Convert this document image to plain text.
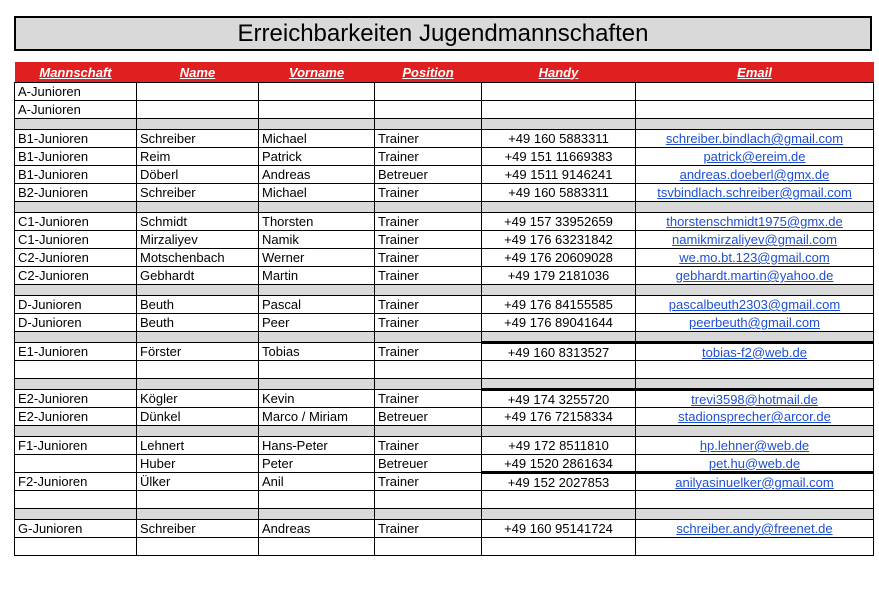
Erreichbarkeiten Jugendmannschaften
Mannschaft	Name	Vorname	Position	Handy	Email
A-Junioren					
A-Junioren					

B1-Junioren	Schreiber	Michael	Trainer	+49 160 5883311	schreiber.bindlach@gmail.com
B1-Junioren	Reim	Patrick	Trainer	+49 151 11669383	patrick@ereim.de
B1-Junioren	Döberl	Andreas	Betreuer	+49 1511 9146241	andreas.doeberl@gmx.de
B2-Junioren	Schreiber	Michael	Trainer	+49 160 5883311	tsvbindlach.schreiber@gmail.com

C1-Junioren	Schmidt	Thorsten	Trainer	+49 157 33952659	thorstenschmidt1975@gmx.de
C1-Junioren	Mirzaliyev	Namik	Trainer	+49 176 63231842	namikmirzaliyev@gmail.com
C2-Junioren	Motschenbach	Werner	Trainer	+49 176 20609028	we.mo.bt.123@gmail.com
C2-Junioren	Gebhardt	Martin	Trainer	+49 179 2181036	gebhardt.martin@yahoo.de

D-Junioren	Beuth	Pascal	Trainer	+49 176 84155585	pascalbeuth2303@gmail.com
D-Junioren	Beuth	Peer	Trainer	+49 176 89041644	peerbeuth@gmail.com

E1-Junioren	Förster	Tobias	Trainer	+49 160 8313527	tobias-f2@web.de

E2-Junioren	Kögler	Kevin	Trainer	+49 174 3255720	trevi3598@hotmail.de
E2-Junioren	Dünkel	Marco / Miriam	Betreuer	+49 176 72158334	stadionsprecher@arcor.de

F1-Junioren	Lehnert	Hans-Peter	Trainer	+49 172 8511810	hp.lehner@web.de
	Huber	Peter	Betreuer	+49 1520 2861634	pet.hu@web.de
F2-Junioren	Ülker	Anil	Trainer	+49 152 2027853	anilyasinuelker@gmail.com

G-Junioren	Schreiber	Andreas	Trainer	+49 160 95141724	schreiber.andy@freenet.de
